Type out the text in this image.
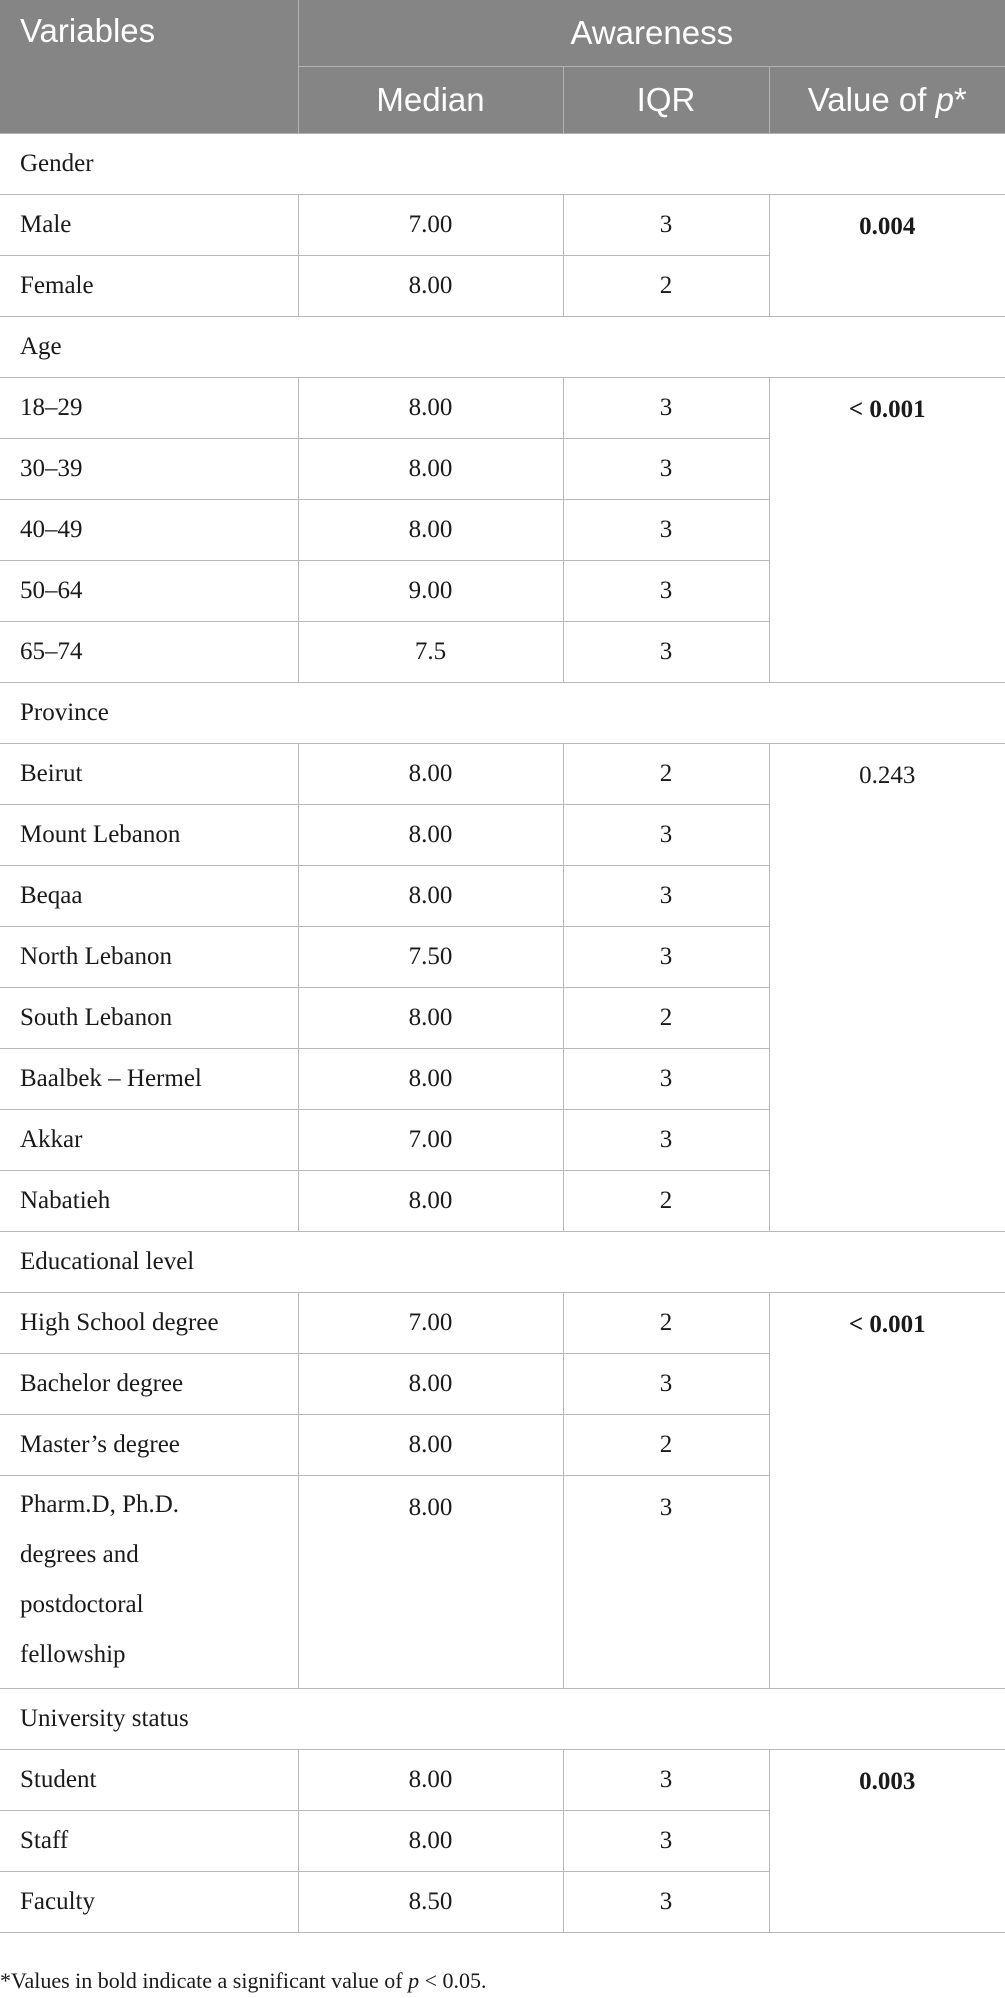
Variables	Awareness		
	Median	IQR	Value of p*
Gender			
Male	7.00	3	0.004
Female	8.00	2	
Age			
18–29	8.00	3	< 0.001
30–39	8.00	3	
40–49	8.00	3	
50–64	9.00	3	
65–74	7.5	3	
Province			
Beirut	8.00	2	0.243
Mount Lebanon	8.00	3	
Beqaa	8.00	3	
North Lebanon	7.50	3	
South Lebanon	8.00	2	
Baalbek – Hermel	8.00	3	
Akkar	7.00	3	
Nabatieh	8.00	2	
Educational level			
High School degree	7.00	2	< 0.001
Bachelor degree	8.00	3	
Master’s degree	8.00	2	

Pharm.D, Ph.D.
degrees and
postdoctoral
fellowship	8.00	3	
University status			
Student	8.00	3	0.003
Staff	8.00	3	
Faculty	8.50	3	
*Values in bold indicate a significant value of p < 0.05.
